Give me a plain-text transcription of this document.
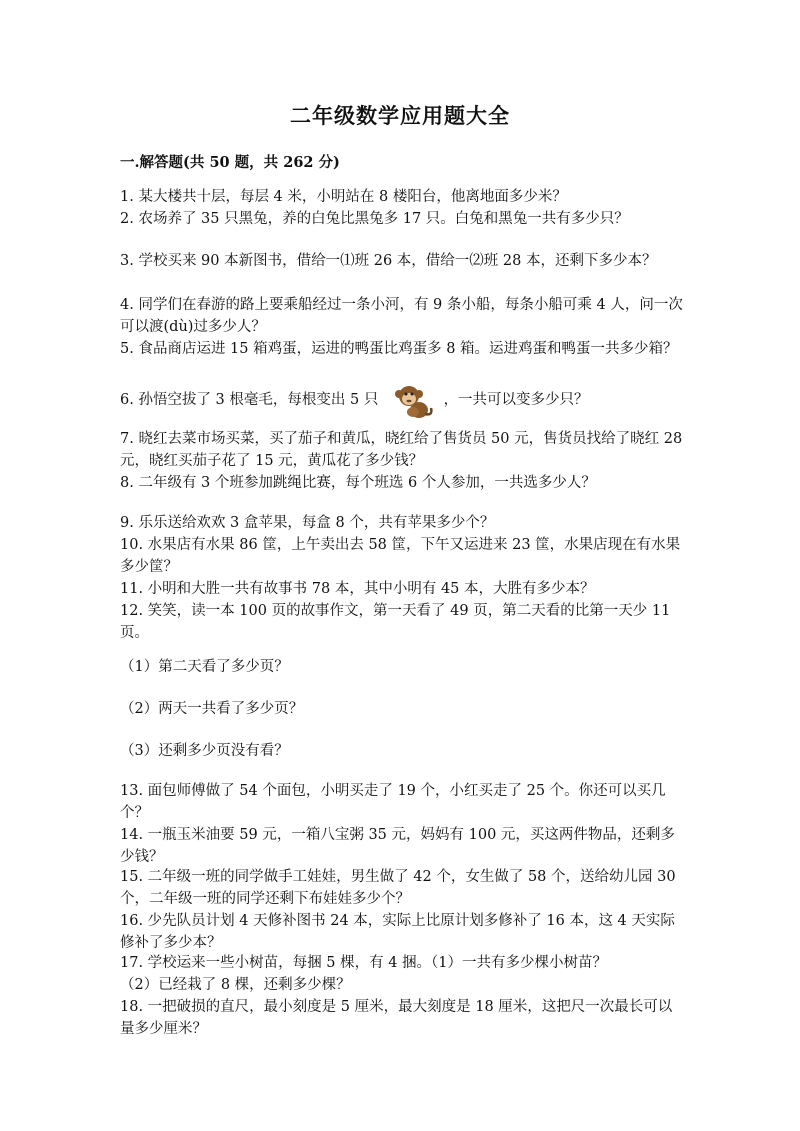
二年级数学应用题大全
一.解答题(共 50 题，共 262 分)
1. 某大楼共十层，每层 4 米，小明站在 8 楼阳台，他离地面多少米？
2. 农场养了 35 只黑兔，养的白兔比黑兔多 17 只。白兔和黑兔一共有多少只？
3. 学校买来 90 本新图书，借给一⑴班 26 本，借给一⑵班 28 本，还剩下多少本？
4. 同学们在春游的路上要乘船经过一条小河，有 9 条小船，每条小船可乘 4 人，问一次可以渡(dù)过多少人？
5. 食品商店运进 15 箱鸡蛋，运进的鸭蛋比鸡蛋多 8 箱。运进鸡蛋和鸭蛋一共多少箱？
6. 孙悟空拔了 3 根毫毛，每根变出 5 只	，一共可以变多少只？
7. 晓红去菜市场买菜，买了茄子和黄瓜，晓红给了售货员 50 元，售货员找给了晓红 28 元，晓红买茄子花了 15 元，黄瓜花了多少钱？
8. 二年级有 3 个班参加跳绳比赛，每个班选 6 个人参加，一共选多少人？
9. 乐乐送给欢欢 3 盒苹果，每盒 8 个，共有苹果多少个？
10. 水果店有水果 86 筐，上午卖出去 58 筐，下午又运进来 23 筐，水果店现在有水果多少筐？
11. 小明和大胜一共有故事书 78 本，其中小明有 45 本，大胜有多少本？
12. 笑笑，读一本 100 页的故事作文，第一天看了 49 页，第二天看的比第一天少 11 页。
（1）第二天看了多少页？
（2）两天一共看了多少页？
（3）还剩多少页没有看？
13. 面包师傅做了 54 个面包，小明买走了 19 个，小红买走了 25 个。你还可以买几个？
14. 一瓶玉米油要 59 元，一箱八宝粥 35 元，妈妈有 100 元，买这两件物品，还剩多少钱？
15. 二年级一班的同学做手工娃娃，男生做了 42 个，女生做了 58 个，送给幼儿园 30 个，二年级一班的同学还剩下布娃娃多少个？
16. 少先队员计划 4 天修补图书 24 本，实际上比原计划多修补了 16 本，这 4 天实际修补了多少本？
17. 学校运来一些小树苗，每捆 5 棵，有 4 捆。（1）一共有多少棵小树苗？
（2）已经栽了 8 棵，还剩多少棵？
18. 一把破损的直尺，最小刻度是 5 厘米，最大刻度是 18 厘米，这把尺一次最长可以量多少厘米？
